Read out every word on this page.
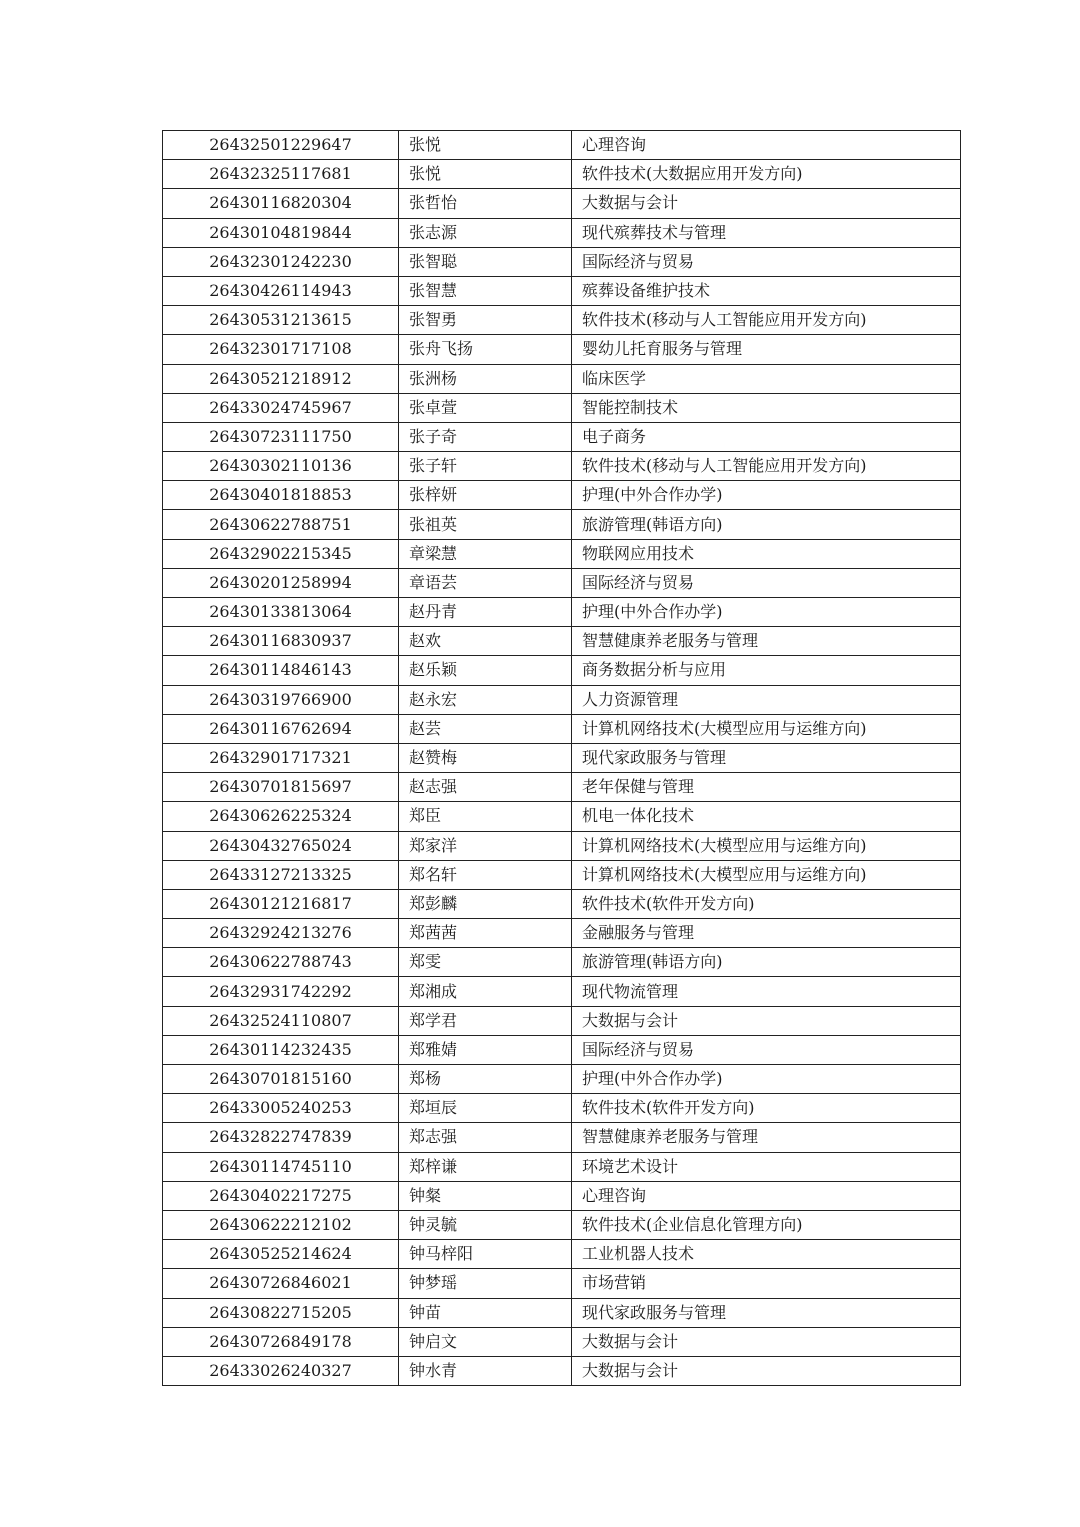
26432501229647	张悦	心理咨询
26432325117681	张悦	软件技术(大数据应用开发方向)
26430116820304	张哲怡	大数据与会计
26430104819844	张志源	现代殡葬技术与管理
26432301242230	张智聪	国际经济与贸易
26430426114943	张智慧	殡葬设备维护技术
26430531213615	张智勇	软件技术(移动与人工智能应用开发方向)
26432301717108	张舟飞扬	婴幼儿托育服务与管理
26430521218912	张洲杨	临床医学
26433024745967	张卓萱	智能控制技术
26430723111750	张子奇	电子商务
26430302110136	张子轩	软件技术(移动与人工智能应用开发方向)
26430401818853	张梓妍	护理(中外合作办学)
26430622788751	张祖英	旅游管理(韩语方向)
26432902215345	章梁慧	物联网应用技术
26430201258994	章语芸	国际经济与贸易
26430133813064	赵丹青	护理(中外合作办学)
26430116830937	赵欢	智慧健康养老服务与管理
26430114846143	赵乐颖	商务数据分析与应用
26430319766900	赵永宏	人力资源管理
26430116762694	赵芸	计算机网络技术(大模型应用与运维方向)
26432901717321	赵赞梅	现代家政服务与管理
26430701815697	赵志强	老年保健与管理
26430626225324	郑臣	机电一体化技术
26430432765024	郑家洋	计算机网络技术(大模型应用与运维方向)
26433127213325	郑名轩	计算机网络技术(大模型应用与运维方向)
26430121216817	郑彭麟	软件技术(软件开发方向)
26432924213276	郑茜茜	金融服务与管理
26430622788743	郑雯	旅游管理(韩语方向)
26432931742292	郑湘成	现代物流管理
26432524110807	郑学君	大数据与会计
26430114232435	郑雅婧	国际经济与贸易
26430701815160	郑杨	护理(中外合作办学)
26433005240253	郑垣辰	软件技术(软件开发方向)
26432822747839	郑志强	智慧健康养老服务与管理
26430114745110	郑梓谦	环境艺术设计
26430402217275	钟粲	心理咨询
26430622212102	钟灵毓	软件技术(企业信息化管理方向)
26430525214624	钟马梓阳	工业机器人技术
26430726846021	钟梦瑶	市场营销
26430822715205	钟苗	现代家政服务与管理
26430726849178	钟启文	大数据与会计
26433026240327	钟水青	大数据与会计
